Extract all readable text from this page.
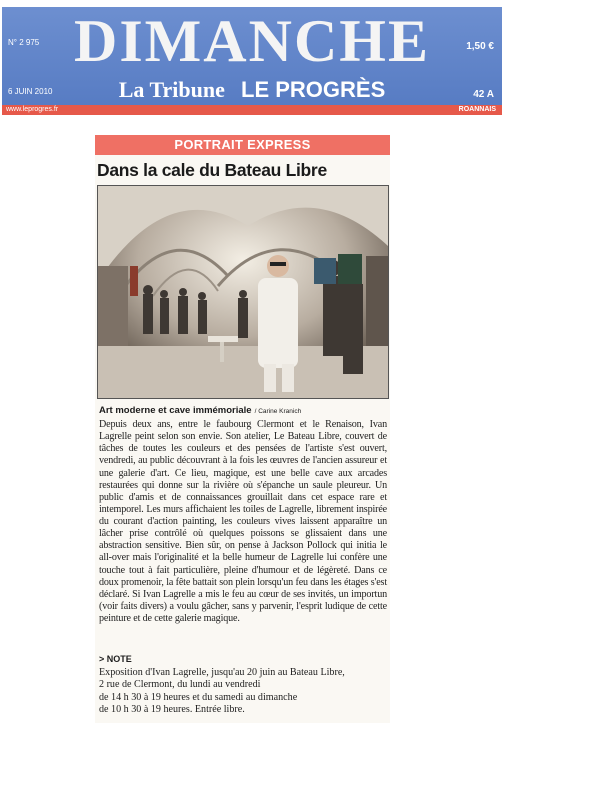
DIMANCHE
N° 2 975	1,50 €
6 JUIN 2010	42 A
La Tribune LE PROGRÈS
www.leprogres.fr	ROANNAIS
PORTRAIT EXPRESS
Dans la cale du Bateau Libre
Art moderne et cave immémoriale / Carine Kranich
Depuis deux ans, entre le faubourg Clermont et le Renaison, Ivan Lagrelle peint selon son envie. Son atelier, Le Bateau Libre, couvert de tâches de toutes les couleurs et des pensées de l'artiste s'est ouvert, vendredi, au public découvrant à la fois les œuvres de l'ancien assureur et une galerie d'art. Ce lieu, magique, est une belle cave aux arcades restaurées qui donne sur la rivière où s'épanche un saule pleureur. Un public d'amis et de connaissances grouillait dans cet espace rare et intemporel. Les murs affichaient les toiles de Lagrelle, librement inspirée du courant d'action painting, les couleurs vives laissent apparaître un lâcher prise contrôlé où quelques poissons se glissaient dans une abstraction sensitive. Bien sûr, on pense à Jackson Pollock qui initia le all-over mais l'originalité et la belle humeur de Lagrelle lui confère une touche tout à fait particulière, pleine d'humour et de légèreté. Dans ce doux promenoir, la fête battait son plein lorsqu'un feu dans les étages s'est déclaré. Si Ivan Lagrelle a mis le feu au cœur de ses invités, un importun (voir faits divers) a voulu gâcher, sans y parvenir, l'esprit ludique de cette peinture et de cette galerie magique.
> NOTE
Exposition d'Ivan Lagrelle, jusqu'au 20 juin au Bateau Libre,
2 rue de Clermont, du lundi au vendredi
de 14 h 30 à 19 heures et du samedi au dimanche
de 10 h 30 à 19 heures. Entrée libre.
